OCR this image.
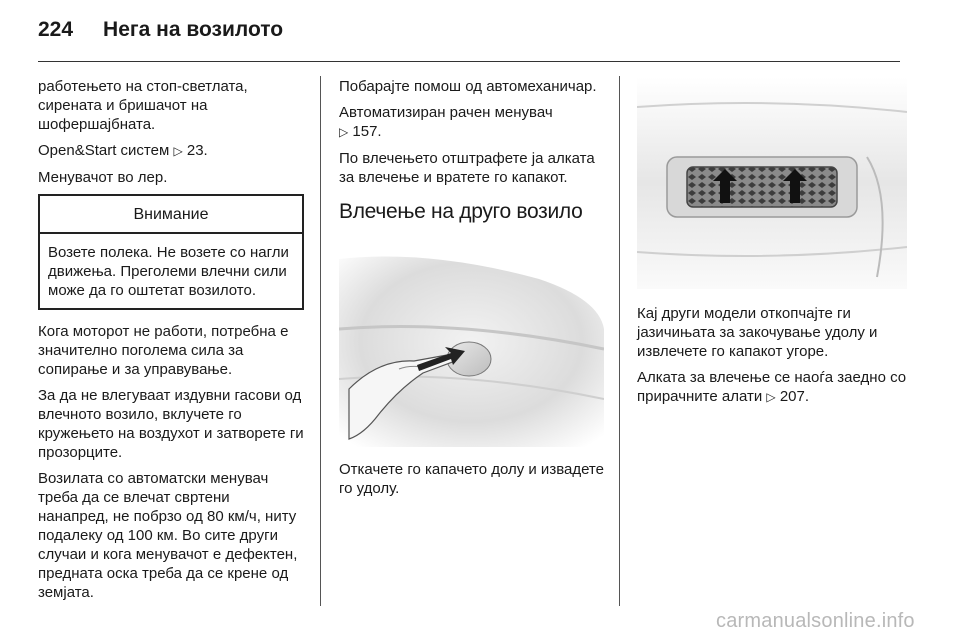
224 Нега на возилото

работењето на стоп-светлата, сирената и бришачот на шофершајбната.

Open&Start систем ▷ 23.

Менувачот во лер.

Внимание
Возете полека. Не возете со нагли движења. Преголеми влечни сили може да го оштетат возилото.

Кога моторот не работи, потребна е значително поголема сила за сопирање и за управување.

За да не влегуваат издувни гасови од влечното возило, вклучете го кружењето на воздухот и затворете ги прозорците.

Возилата со автоматски менувач треба да се влечат свртени нанапред, не побрзо од 80 км/ч, ниту подалеку од 100 км. Во сите други случаи и кога менувачот е дефектен, предната оска треба да се крене од земјата.

Побарајте помош од автомеханичар.

Автоматизиран рачен менувач
▷ 157.

По влечењето отштрафете ја алката за влечење и вратете го капакот.

Влечење на друго возило

Откачете го капачето долу и извадете го удолу.

Кај други модели откопчајте ги јазичињата за закочување удолу и извлечете го капакот угоре.

Алката за влечење се наоѓа заедно со прирачните алати ▷ 207.

carmanualsonline.info
